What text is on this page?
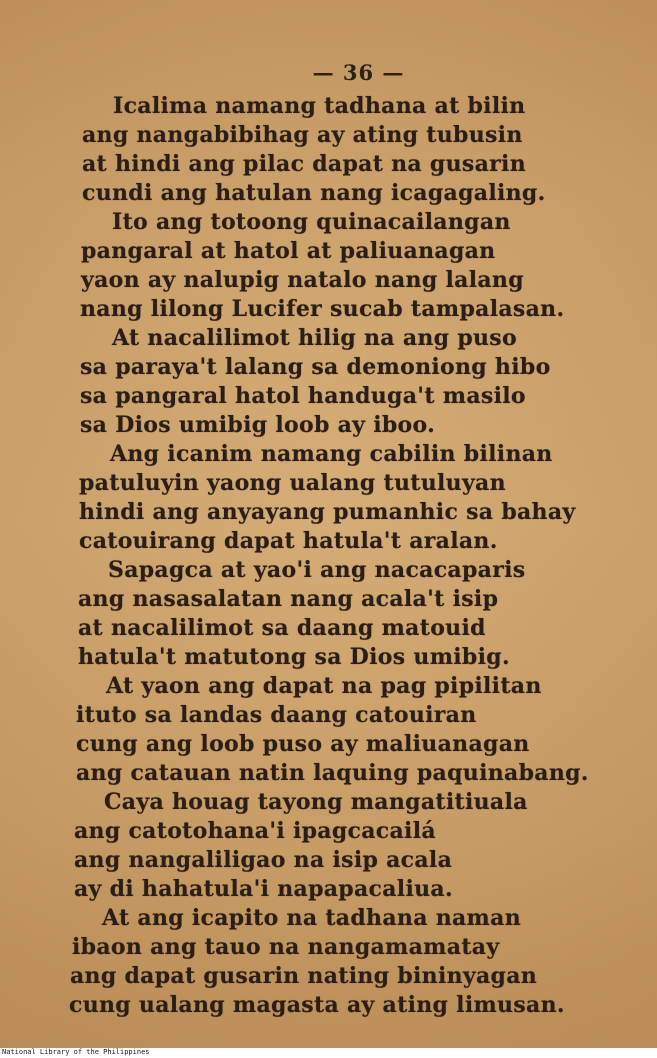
— 36 —
Icalima namang tadhana at bilin
ang nangabibihag ay ating tubusin
at hindi ang pilac dapat na gusarin
cundi ang hatulan nang icagagaling.
Ito ang totoong quinacailangan
pangaral at hatol at paliuanagan
yaon ay nalupig natalo nang lalang
nang lilong Lucifer sucab tampalasan.
At nacalilimot hilig na ang puso
sa paraya't lalang sa demoniong hibo
sa pangaral hatol handuga't masilo
sa Dios umibig loob ay iboo.
Ang icanim namang cabilin bilinan
patuluyin yaong ualang tutuluyan
hindi ang anyayang pumanhic sa bahay
catouirang dapat hatula't aralan.
Sapagca at yao'i ang nacacaparis
ang nasasalatan nang acala't isip
at nacalilimot sa daang matouid
hatula't matutong sa Dios umibig.
At yaon ang dapat na pag pipilitan
ituto sa landas daang catouiran
cung ang loob puso ay maliuanagan
ang catauan natin laquing paquinabang.
Caya houag tayong mangatitiuala
ang catotohana'i ipagcacailá
ang nangaliligao na isip acala
ay di hahatula'i napapacaliua.
At ang icapito na tadhana naman
ibaon ang tauo na nangamamatay
ang dapat gusarin nating bininyagan
cung ualang magasta ay ating limusan.
National Library of the Philippines
